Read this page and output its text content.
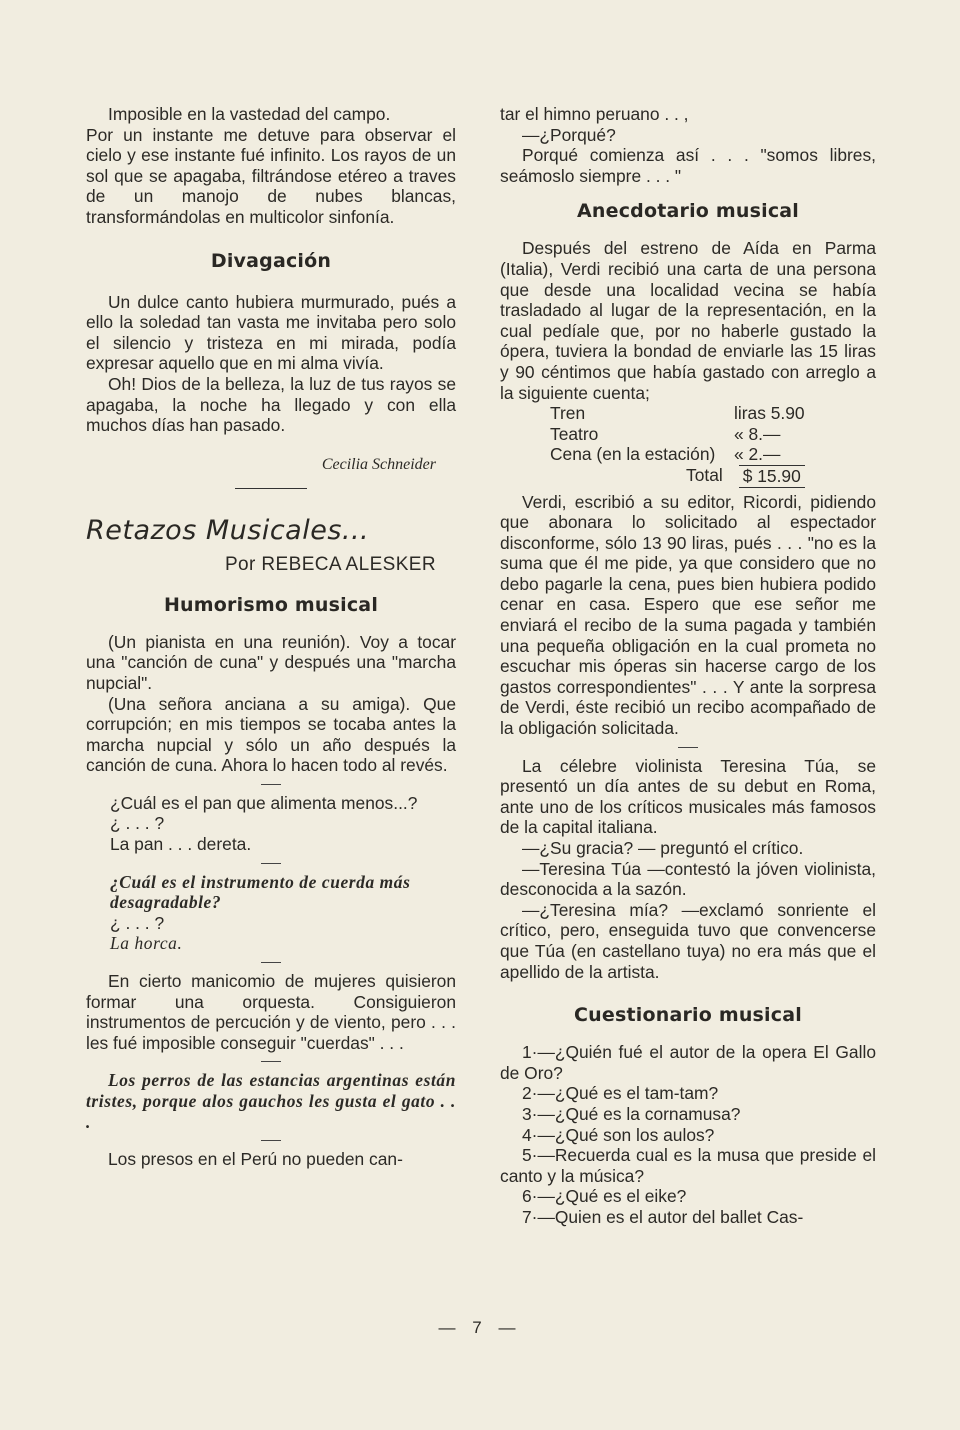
Imposible en la vastedad del campo.

Por un instante me detuve para observar el cielo y ese instante fué infinito. Los rayos de un sol que se apagaba, filtrándose etéreo a traves de un manojo de nubes blancas, transformándolas en multicolor sinfonía.

Divagación

Un dulce canto hubiera murmurado, pués a ello la soledad tan vasta me invitaba pero solo el silencio y tristeza en mi mirada, podía expresar aquello que en mi alma vivía.

Oh! Dios de la belleza, la luz de tus rayos se apagaba, la noche ha llegado y con ella muchos días han pasado.

Cecilia Schneider
Retazos Musicales...
Por REBECA ALESKER
Humorismo musical

(Un pianista en una reunión). Voy a tocar una "canción de cuna" y después una "marcha nupcial".

(Una señora anciana a su amiga). Que corrupción; en mis tiempos se tocaba antes la marcha nupcial y sólo un año después la canción de cuna. Ahora lo hacen todo al revés.

¿Cuál es el pan que alimenta menos...?

¿ . . . ?

La pan . . . dereta.

¿Cuál es el instrumento de cuerda más desagradable?

¿ . . . ?

La horca.

En cierto manicomio de mujeres quisieron formar una orquesta. Consiguieron instrumentos de percución y de viento, pero . . . les fué imposible conseguir "cuerdas" . . .

Los perros de las estancias argentinas están tristes, porque alos gauchos les gusta el gato . . .

Los presos en el Perú no pueden can-

tar el himno peruano . . ,

—¿Porqué?

Porqué comienza así . . . "somos libres, seámoslo siempre . . . "

Anecdotario musical

Después del estreno de Aída en Parma (Italia), Verdi recibió una carta de una persona que desde una localidad vecina se había trasladado al lugar de la representación, en la cual pedíale que, por no haberle gustado la ópera, tuviera la bondad de enviarle las 15 liras y 90 céntimos que había gastado con arreglo a la siguiente cuenta;

Tren	liras 5.90
Teatro	« 8.—
Cena (en la estación)	« 2.—
Total $ 15.90

Verdi, escribió a su editor, Ricordi, pidiendo que abonara lo solicitado al espectador disconforme, sólo 13 90 liras, pués . . . "no es la suma que él me pide, ya que considero que no debo pagarle la cena, pues bien hubiera podido cenar en casa. Espero que ese señor me enviará el recibo de la suma pagada y también una pequeña obligación en la cual prometa no escuchar mis óperas sin hacerse cargo de los gastos correspondientes" . . . Y ante la sorpresa de Verdi, éste recibió un recibo acompañado de la obligación solicitada.

La célebre violinista Teresina Túa, se presentó un día antes de su debut en Roma, ante uno de los críticos musicales más famosos de la capital italiana.

—¿Su gracia? — preguntó el crítico.

—Teresina Túa —contestó la jóven violinista, desconocida a la sazón.

—¿Teresina mía? —exclamó sonriente el crítico, pero, enseguida tuvo que convencerse que Túa (en castellano tuya) no era más que el apellido de la artista.

Cuestionario musical

1·—¿Quién fué el autor de la opera El Gallo de Oro?

2·—¿Qué es el tam-tam?

3·—¿Qué es la cornamusa?

4·—¿Qué son los aulos?

5·—Recuerda cual es la musa que preside el canto y la música?

6·—¿Qué es el eike?

7·—Quien es el autor del ballet Cas-

— 7 —
